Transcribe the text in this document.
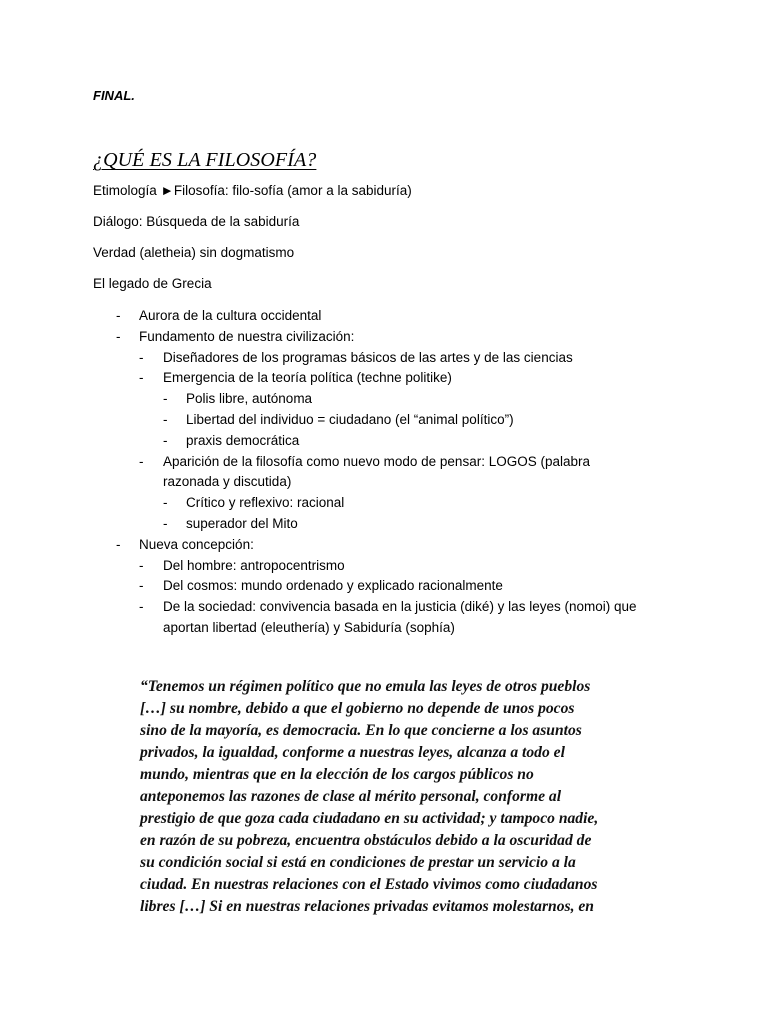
FINAL.
¿QUÉ ES LA FILOSOFÍA?
Etimología ►Filosofía: filo-sofía (amor a la sabiduría)
Diálogo: Búsqueda de la sabiduría
Verdad (aletheia) sin dogmatismo
El legado de Grecia
- Aurora de la cultura occidental
- Fundamento de nuestra civilización:
- Diseñadores de los programas básicos de las artes y de las ciencias
- Emergencia de la teoría política (techne politike)
- Polis libre, autónoma
- Libertad del individuo = ciudadano (el “animal político”)
- praxis democrática
- Aparición de la filosofía como nuevo modo de pensar: LOGOS (palabra razonada y discutida)
- Crítico y reflexivo: racional
- superador del Mito
- Nueva concepción:
- Del hombre: antropocentrismo
- Del cosmos: mundo ordenado y explicado racionalmente
- De la sociedad: convivencia basada en la justicia (diké) y las leyes (nomoi) que aportan libertad (eleuthería) y Sabiduría (sophía)
“Tenemos un régimen político que no emula las leyes de otros pueblos
[…] su nombre, debido a que el gobierno no depende de unos pocos
sino de la mayoría, es democracia. En lo que concierne a los asuntos
privados, la igualdad, conforme a nuestras leyes, alcanza a todo el
mundo, mientras que en la elección de los cargos públicos no
anteponemos las razones de clase al mérito personal, conforme al
prestigio de que goza cada ciudadano en su actividad; y tampoco nadie,
en razón de su pobreza, encuentra obstáculos debido a la oscuridad de
su condición social si está en condiciones de prestar un servicio a la
ciudad. En nuestras relaciones con el Estado vivimos como ciudadanos
libres […] Si en nuestras relaciones privadas evitamos molestarnos, en
